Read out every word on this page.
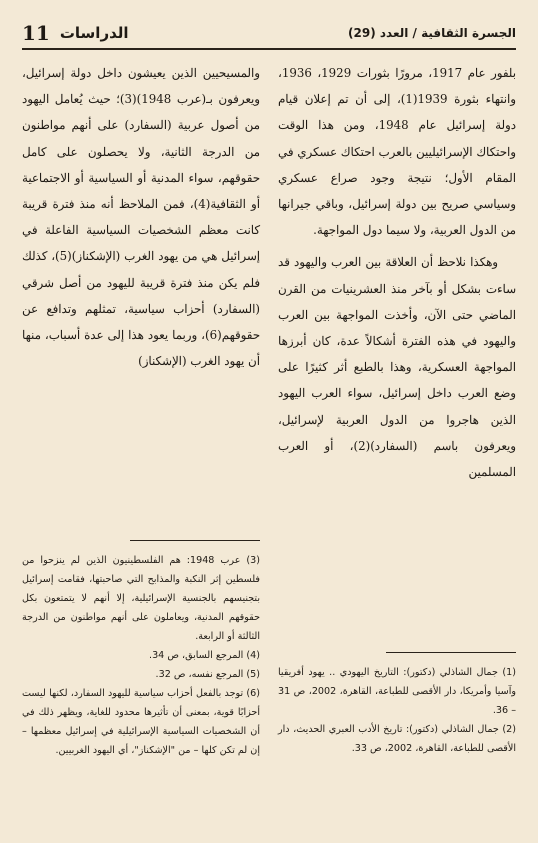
11 الدراسات	الجسرة الثقافية / العدد (29)

بلفور عام 1917، مرورًا بثورات 1929، 1936، وانتهاء بثورة 1939(1)، إلى أن تم إعلان قيام دولة إسرائيل عام 1948، ومن هذا الوقت واحتكاك الإسرائيليين بالعرب احتكاك عسكري في المقام الأول؛ نتيجة وجود صراع عسكري وسياسي صريح بين دولة إسرائيل، وباقي جيرانها من الدول العربية، ولا سيما دول المواجهة.

وهكذا نلاحظ أن العلاقة بين العرب واليهود قد ساءت بشكل أو بآخر منذ العشرينيات من القرن الماضي حتى الآن، وأخذت المواجهة بين العرب واليهود في هذه الفترة أشكالاً عدة، كان أبرزها المواجهة العسكرية، وهذا بالطبع أثر كثيرًا على وضع العرب داخل إسرائيل، سواء العرب اليهود الذين هاجروا من الدول العربية لإسرائيل، ويعرفون باسم (السفارد)(2)، أو العرب المسلمين

والمسيحيين الذين يعيشون داخل دولة إسرائيل، ويعرفون بـ(عرب 1948)(3)؛ حيث يُعامل اليهود من أصول عربية (السفارد) على أنهم مواطنون من الدرجة الثانية، ولا يحصلون على كامل حقوقهم، سواء المدنية أو السياسية أو الاجتماعية أو الثقافية(4)، فمن الملاحظ أنه منذ فترة قريبة كانت معظم الشخصيات السياسية الفاعلة في إسرائيل هي من يهود الغرب (الإشكناز)(5)، كذلك فلم يكن منذ فترة قريبة لليهود من أصل شرقي (السفارد) أحزاب سياسية، تمثلهم وتدافع عن حقوقهم(6)، وربما يعود هذا إلى عدة أسباب، منها أن يهود الغرب (الإشكناز)

(1) جمال الشاذلي (دكتور): التاريخ اليهودي .. يهود أفريقيا وآسيا وأمريكا، دار الأقصى للطباعة، القاهرة، 2002، ص 31 – 36.

(2) جمال الشاذلي (دكتور): تاريخ الأدب العبري الحديث، دار الأقصى للطباعة، القاهرة، 2002، ص 33.

(3) عرب 1948: هم الفلسطينيون الذين لم ينزحوا من فلسطين إثر النكبة والمذابح التي صاحبتها، فقامت إسرائيل بتجنيسهم بالجنسية الإسرائيلية، إلا أنهم لا يتمتعون بكل حقوقهم المدنية، ويعاملون على أنهم مواطنون من الدرجة الثالثة أو الرابعة.

(4) المرجع السابق، ص 34.

(5) المرجع نفسه، ص 32.

(6) توجد بالفعل أحزاب سياسية لليهود السفارد، لكنها ليست أحزابًا قوية، بمعنى أن تأثيرها محدود للغاية، ويظهر ذلك في أن الشخصيات السياسية الإسرائيلية في إسرائيل معظمها – إن لم تكن كلها – من "الإشكناز"، أي اليهود الغربيين.
